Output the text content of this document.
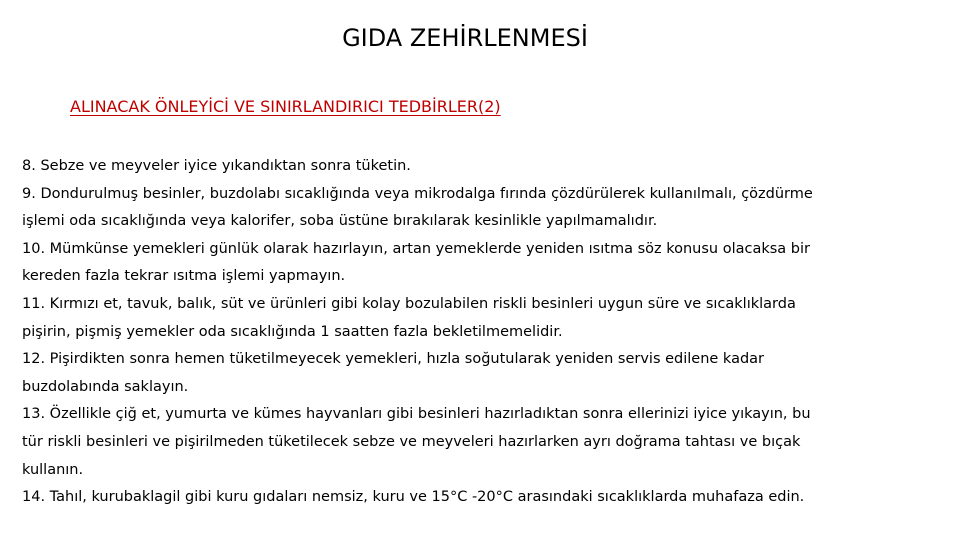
GIDA ZEHİRLENMESİ
ALINACAK ÖNLEYİCİ VE SINIRLANDIRICI TEDBİRLER(2)
8. Sebze ve meyveler iyice yıkandıktan sonra tüketin.
9. Dondurulmuş besinler, buzdolabı sıcaklığında veya mikrodalga fırında çözdürülerek kullanılmalı, çözdürme
işlemi oda sıcaklığında veya kalorifer, soba üstüne bırakılarak kesinlikle yapılmamalıdır.
10. Mümkünse yemekleri günlük olarak hazırlayın, artan yemeklerde yeniden ısıtma söz konusu olacaksa bir
kereden fazla tekrar ısıtma işlemi yapmayın.
11. Kırmızı et, tavuk, balık, süt ve ürünleri gibi kolay bozulabilen riskli besinleri uygun süre ve sıcaklıklarda
pişirin, pişmiş yemekler oda sıcaklığında 1 saatten fazla bekletilmemelidir.
12. Pişirdikten sonra hemen tüketilmeyecek yemekleri, hızla soğutularak yeniden servis edilene kadar
buzdolabında saklayın.
13. Özellikle çiğ et, yumurta ve kümes hayvanları gibi besinleri hazırladıktan sonra ellerinizi iyice yıkayın, bu
tür riskli besinleri ve pişirilmeden tüketilecek sebze ve meyveleri hazırlarken ayrı doğrama tahtası ve bıçak
kullanın.
14. Tahıl, kurubaklagil gibi kuru gıdaları nemsiz, kuru ve 15°C -20°C arasındaki sıcaklıklarda muhafaza edin.
